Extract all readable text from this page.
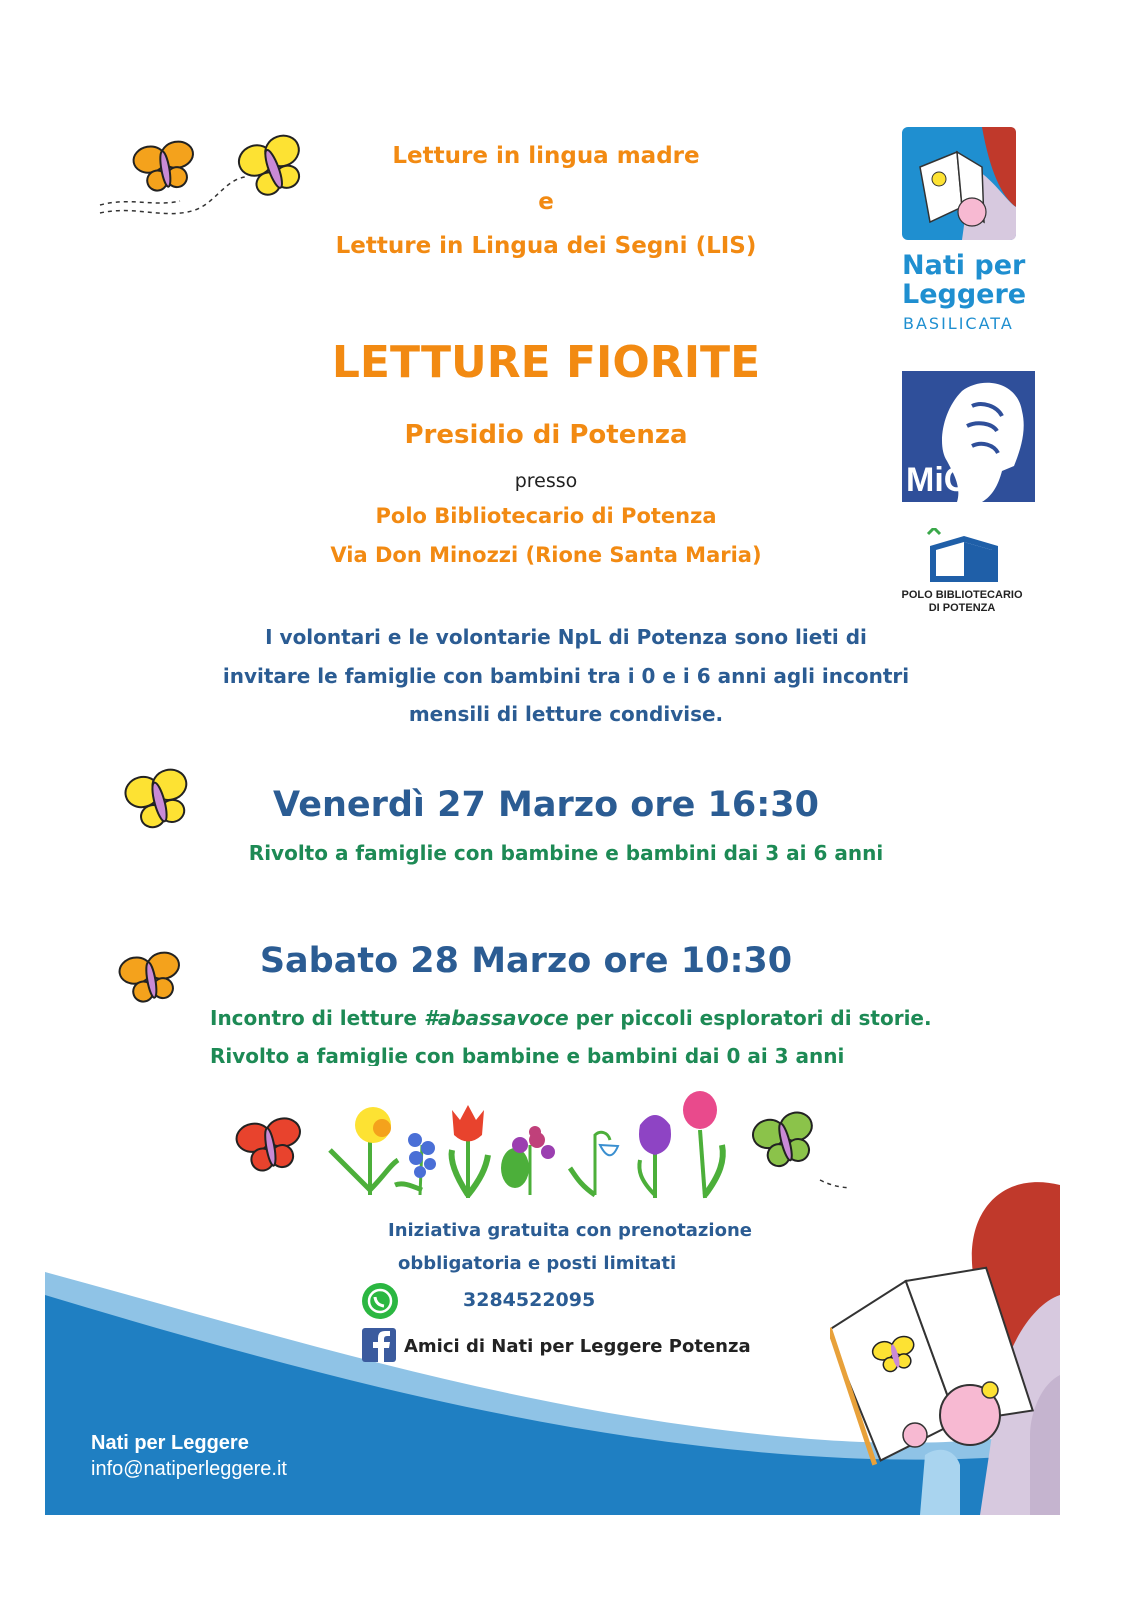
Letture in lingua madre
e
Letture in Lingua dei Segni (LIS)
LETTURE FIORITE
Presidio di Potenza
presso
Polo Bibliotecario di Potenza
Via Don Minozzi (Rione Santa Maria)
I volontari e le volontarie NpL di Potenza sono lieti di
invitare le famiglie con bambini tra i 0 e i 6 anni agli incontri
mensili di letture condivise.
Venerdì 27 Marzo ore 16:30
Rivolto a famiglie con bambine e bambini dai 3 ai 6 anni
Sabato 28 Marzo ore 10:30
Incontro di letture #abassavoce per piccoli esploratori di storie.
Rivolto a famiglie con bambine e bambini dai 0 ai 3 anni
Iniziativa gratuita con prenotazione
obbligatoria e posti limitati
3284522095
Amici di Nati per Leggere Potenza
Nati per Leggere
info@natiperleggere.it
Nati per
Leggere
BASILICATA
MiC
POLO BIBLIOTECARIO
DI POTENZA
